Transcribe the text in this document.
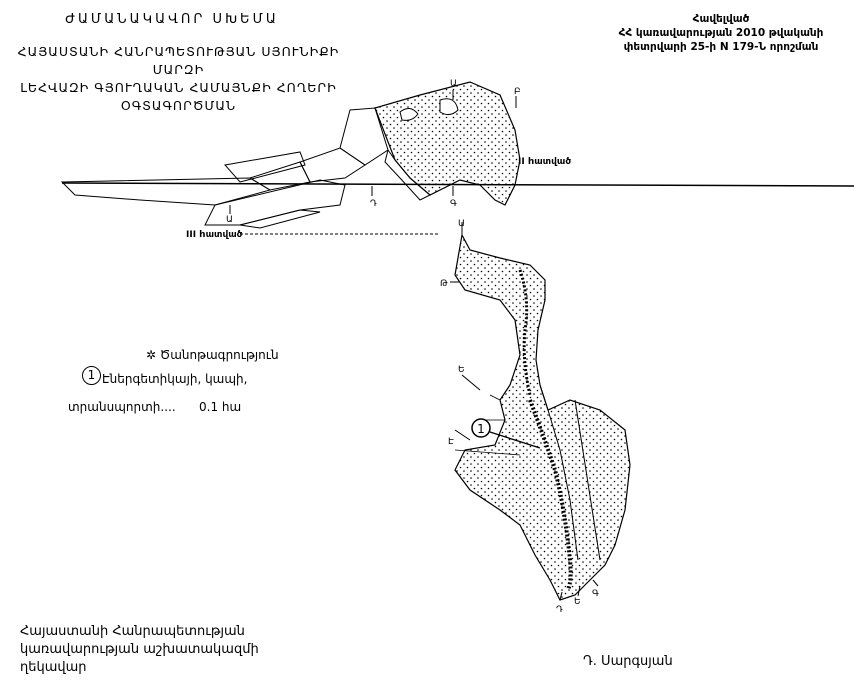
ԺԱՄԱՆԱԿԱՎՈՐ ՍԽԵՄԱ
ՀԱՅԱՍՏԱՆԻ ՀԱՆՐԱՊԵՏՈՒԹՅԱՆ ՍՅՈՒՆԻՔԻ ՄԱՐԶԻ
ԼԵՀՎԱԶԻ ԳՅՈՒՂԱԿԱՆ ՀԱՄԱՅՆՔԻ ՀՈՂԵՐԻ
ՕԳՏԱԳՈՐԾՄԱՆ
Հավելված
ՀՀ կառավարության 2010 թվականի
փետրվարի 25-ի N 179-Ն որոշման
Ա
Բ
Գ
Դ
Ա	Ա
Թ
Ե
Է
Գ
Ե
Դ
II hատված
III hատված
1
✲ Ծանոթագրություն
1 Էներգետիկայի, կապի,
տրանսպորտի.... 0.1 հա
Հայաստանի Հանրապետության
կառավարության աշխատակազմի
ղեկավար	Դ. Սարգսյան
